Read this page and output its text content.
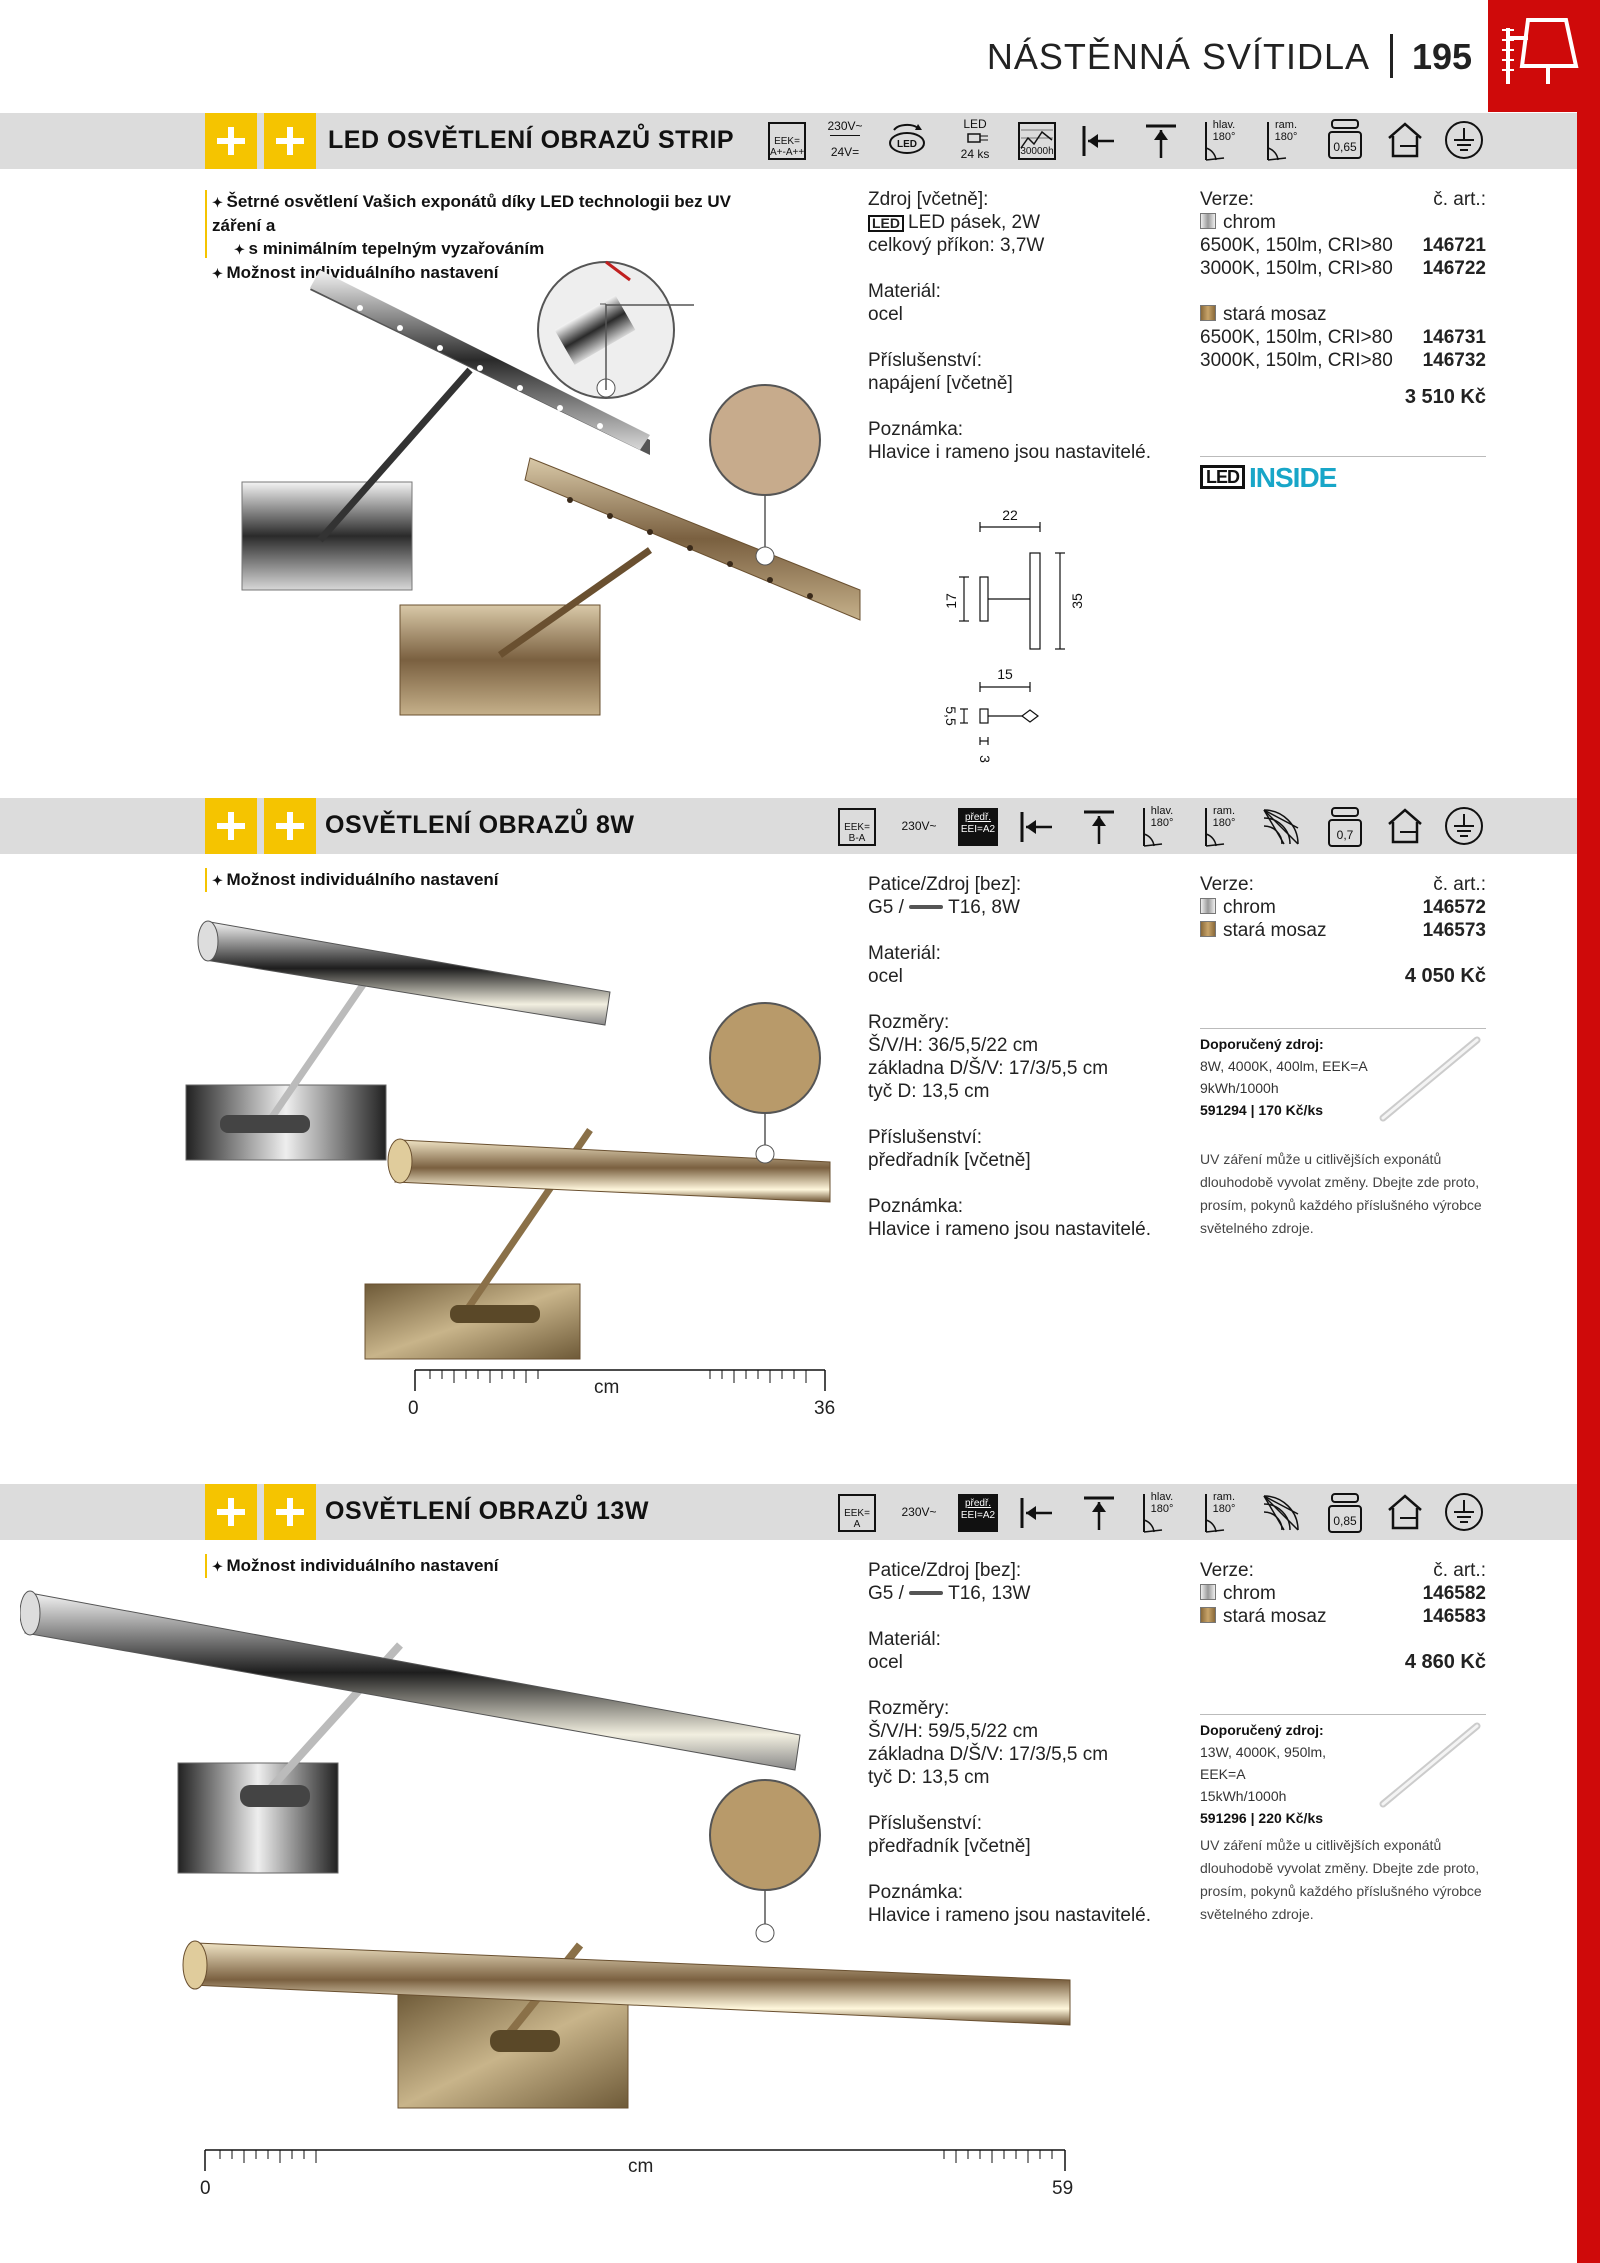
NÁSTĚNNÁ SVÍTIDLA 195
LED OSVĚTLENÍ OBRAZŮ STRIP	EEK=
A+-A++
230V~
24V=
LED
LED
24 ks	30000h
hlav.
180°
ram.
180°
0,65
✦ Šetrné osvětlení Vašich exponátů díky LED technologii bez UV záření a
✦ s minimálním tepelným vyzařováním
✦ Možnost individuálního nastavení
Zdroj [včetně]:
LED LED pásek, 2W
celkový příkon: 3,7W
Materiál:
ocel
Příslušenství:
napájení [včetně]
Poznámka:
Hlavice i rameno jsou nastavitelé.
22
17	35
15
5,5
3
Verze:	č. art.:
chrom
6500K, 150lm, CRI>80 146721
3000K, 150lm, CRI>80 146722
stará mosaz
6500K, 150lm, CRI>80 146731
3000K, 150lm, CRI>80 146732
3 510 Kč
LED INSIDE
OSVĚTLENÍ OBRAZŮ 8W	EEK=
B-A
230V~
předř.
EEI=A2
hlav.
180°
ram.
180°
0,7
✦ Možnost individuálního nastavení
0
cm
36
Patice/Zdroj [bez]:
G5 / T16, 8W
Materiál:
ocel
Rozměry:
Š/V/H: 36/5,5/22 cm
základna D/Š/V: 17/3/5,5 cm
tyč D: 13,5 cm
Příslušenství:
předřadník [včetně]
Poznámka:
Hlavice i rameno jsou nastavitelé.
Verze:	č. art.:
chrom	146572
stará mosaz	146573
4 050 Kč
Doporučený zdroj:
8W, 4000K, 400lm, EEK=A
9kWh/1000h
591294 | 170 Kč/ks
UV záření může u citlivějších exponátů dlouhodobě vyvolat změny. Dbejte zde proto, prosím, pokynů každého příslušného výrobce světelného zdroje.
OSVĚTLENÍ OBRAZŮ 13W	EEK=
A
230V~
předř.
EEI=A2
hlav.
180°
ram.
180°
0,85
✦ Možnost individuálního nastavení
0
cm
59
Patice/Zdroj [bez]:
G5 / T16, 13W
Materiál:
ocel
Rozměry:
Š/V/H: 59/5,5/22 cm
základna D/Š/V: 17/3/5,5 cm
tyč D: 13,5 cm
Příslušenství:
předřadník [včetně]
Poznámka:
Hlavice i rameno jsou nastavitelé.
Verze:	č. art.:
chrom	146582
stará mosaz	146583
4 860 Kč
Doporučený zdroj:
13W, 4000K, 950lm, EEK=A
15kWh/1000h
591296 | 220 Kč/ks
UV záření může u citlivějších exponátů dlouhodobě vyvolat změny. Dbejte zde proto, prosím, pokynů každého příslušného výrobce světelného zdroje.
